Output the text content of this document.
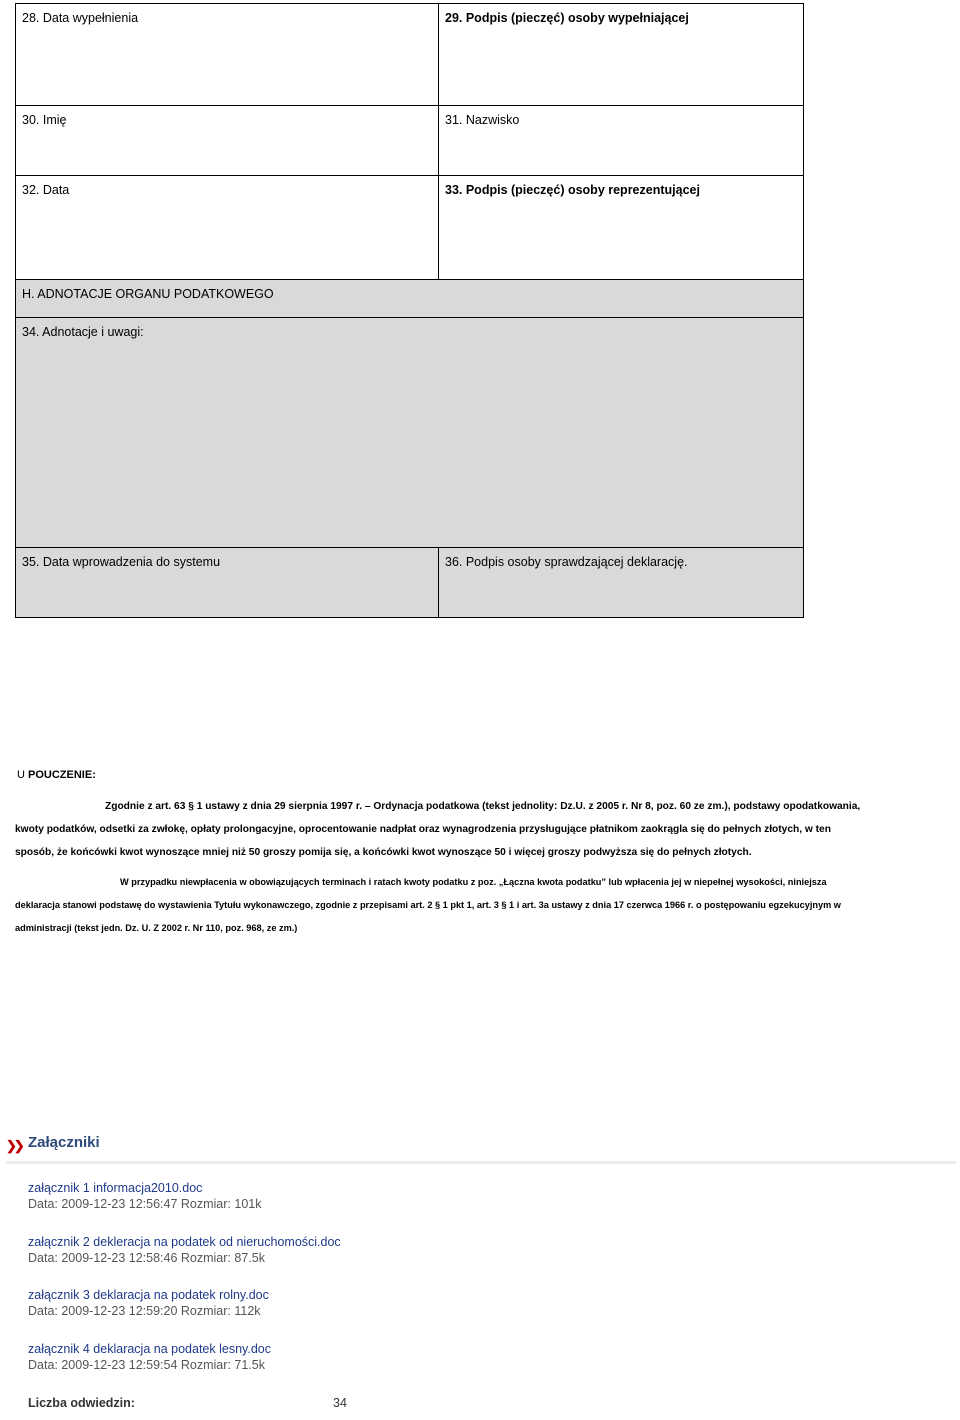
28. Data wypełnienia	29. Podpis (pieczęć) osoby wypełniającej
30. Imię	31. Nazwisko
32. Data	33. Podpis (pieczęć) osoby reprezentującej
H. ADNOTACJE ORGANU PODATKOWEGO	
34. Adnotacje i uwagi:	
35. Data wprowadzenia do systemu	36. Podpis osoby sprawdzającej deklarację.
U POUCZENIE:
Zgodnie z art. 63 § 1 ustawy z dnia 29 sierpnia 1997 r. – Ordynacja podatkowa (tekst jednolity: Dz.U. z 2005 r. Nr 8, poz. 60 ze zm.), podstawy opodatkowania,
kwoty podatków, odsetki za zwłokę, opłaty prolongacyjne, oprocentowanie nadpłat oraz wynagrodzenia przysługujące płatnikom zaokrągla się do pełnych złotych, w ten
sposób, że końcówki kwot wynoszące mniej niż 50 groszy pomija się, a końcówki kwot wynoszące 50 i więcej groszy podwyższa się do pełnych złotych.
W przypadku niewpłacenia w obowiązujących terminach i ratach kwoty podatku z poz. „Łączna kwota podatku” lub wpłacenia jej w niepełnej wysokości, niniejsza
deklaracja stanowi podstawę do wystawienia Tytułu wykonawczego, zgodnie z przepisami art. 2 § 1 pkt 1, art. 3 § 1 i art. 3a ustawy z dnia 17 czerwca 1966 r. o postępowaniu egzekucyjnym w
administracji (tekst jedn. Dz. U. Z 2002 r. Nr 110, poz. 968, ze zm.)
❯❯ Załączniki
załącznik 1 informacja2010.doc
Data: 2009-12-23 12:56:47 Rozmiar: 101k
załącznik 2 dekleracja na podatek od nieruchomości.doc
Data: 2009-12-23 12:58:46 Rozmiar: 87.5k
załącznik 3 deklaracja na podatek rolny.doc
Data: 2009-12-23 12:59:20 Rozmiar: 112k
załącznik 4 deklaracja na podatek lesny.doc
Data: 2009-12-23 12:59:54 Rozmiar: 71.5k
Liczba odwiedzin:	34
